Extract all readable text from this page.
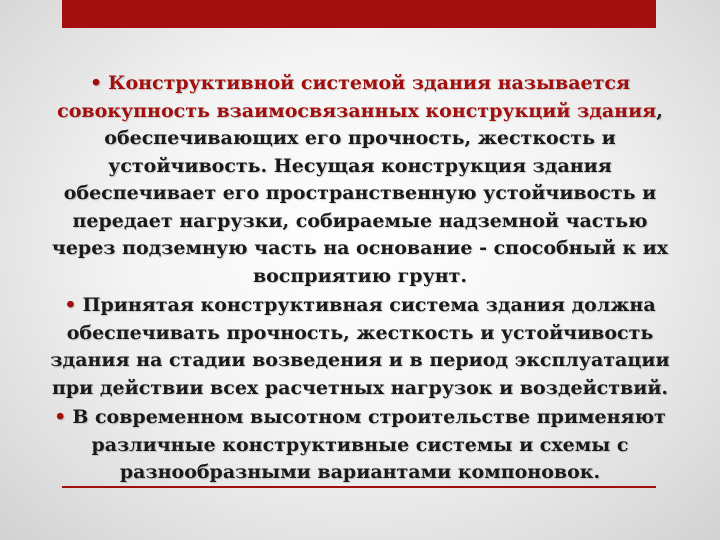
• Конструктивной системой здания называется совокупность взаимосвязанных конструкций здания, обеспечивающих его прочность, жесткость и устойчивость. Несущая конструкция здания обеспечивает его пространственную устойчивость и передает нагрузки, собираемые надземной частью через подземную часть на основание - способный к их восприятию грунт.

• Принятая конструктивная система здания должна обеспечивать прочность, жесткость и устойчивость здания на стадии возведения и в период эксплуатации при действии всех расчетных нагрузок и воздействий.

• В современном высотном строительстве применяют различные конструктивные системы и схемы с разнообразными вариантами компоновок.
